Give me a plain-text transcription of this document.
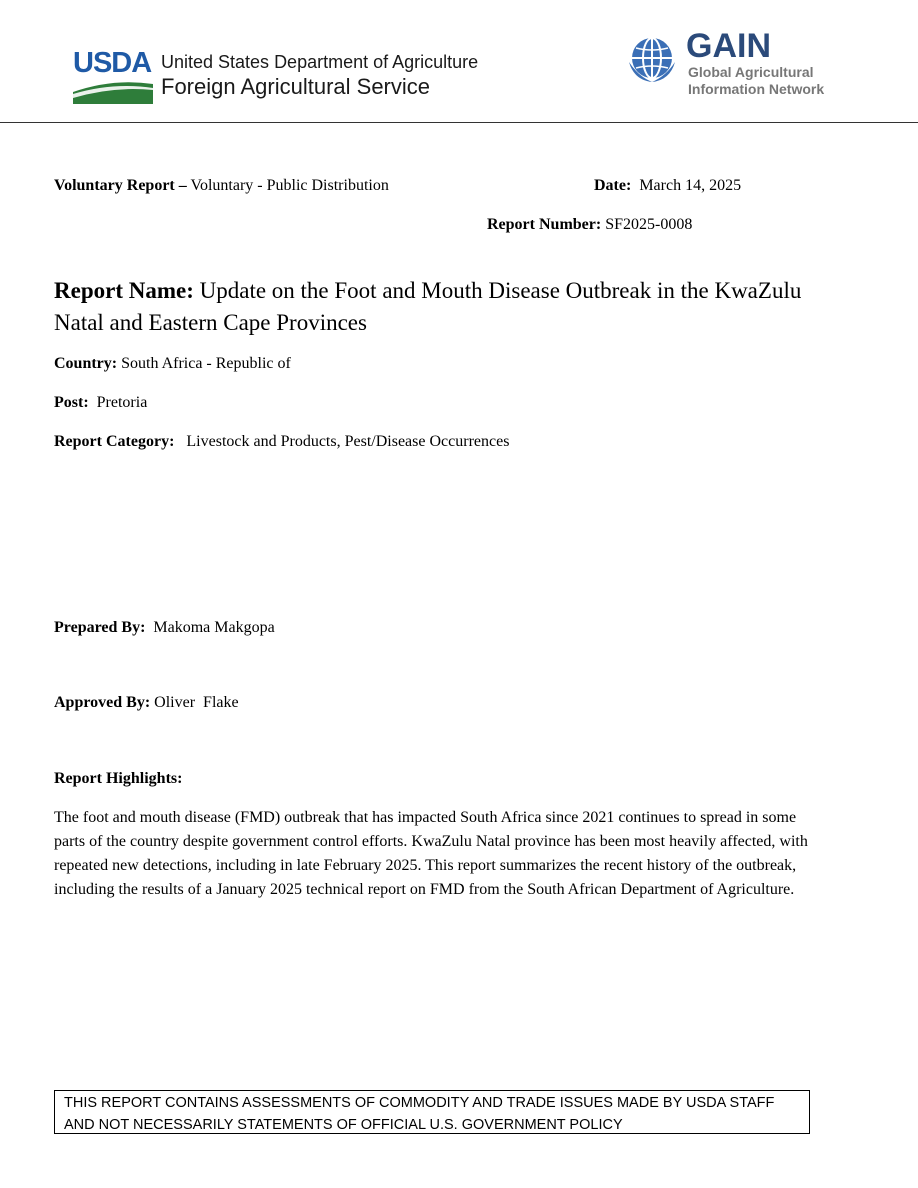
USDA United States Department of Agriculture
Foreign Agricultural Service
GAIN
Global Agricultural
Information Network
Voluntary Report – Voluntary - Public Distribution	Date: March 14, 2025
Report Number: SF2025-0008
Report Name: Update on the Foot and Mouth Disease Outbreak in the KwaZulu Natal and Eastern Cape Provinces
Country: South Africa - Republic of
Post: Pretoria
Report Category: Livestock and Products, Pest/Disease Occurrences
Prepared By: Makoma Makgopa
Approved By: Oliver  Flake
Report Highlights:
The foot and mouth disease (FMD) outbreak that has impacted South Africa since 2021 continues to spread in some parts of the country despite government control efforts. KwaZulu Natal province has been most heavily affected, with repeated new detections, including in late February 2025. This report summarizes the recent history of the outbreak, including the results of a January 2025 technical report on FMD from the South African Department of Agriculture.
THIS REPORT CONTAINS ASSESSMENTS OF COMMODITY AND TRADE ISSUES MADE BY USDA STAFF
AND NOT NECESSARILY STATEMENTS OF OFFICIAL U.S. GOVERNMENT POLICY
